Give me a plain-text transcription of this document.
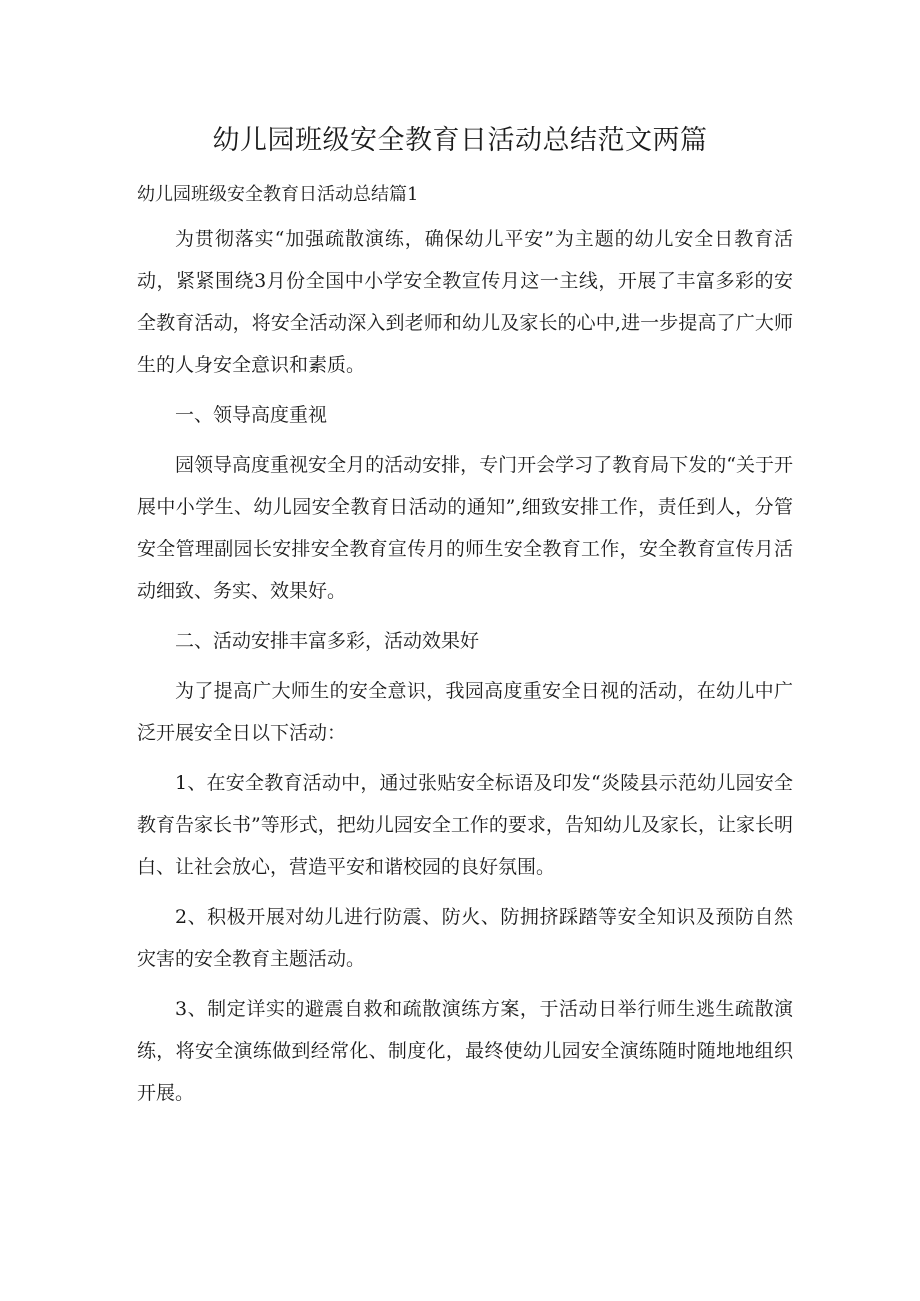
幼儿园班级安全教育日活动总结范文两篇
幼儿园班级安全教育日活动总结篇1

为贯彻落实“加强疏散演练，确保幼儿平安”为主题的幼儿安全日教育活动，紧紧围绕3月份全国中小学安全教宣传月这一主线，开展了丰富多彩的安全教育活动，将安全活动深入到老师和幼儿及家长的心中,进一步提高了广大师生的人身安全意识和素质。

一、领导高度重视

园领导高度重视安全月的活动安排，专门开会学习了教育局下发的“关于开展中小学生、幼儿园安全教育日活动的通知”,细致安排工作，责任到人，分管安全管理副园长安排安全教育宣传月的师生安全教育工作，安全教育宣传月活动细致、务实、效果好。

二、活动安排丰富多彩，活动效果好

为了提高广大师生的安全意识，我园高度重安全日视的活动，在幼儿中广泛开展安全日以下活动：

1、在安全教育活动中，通过张贴安全标语及印发“炎陵县示范幼儿园安全教育告家长书”等形式，把幼儿园安全工作的要求，告知幼儿及家长，让家长明白、让社会放心，营造平安和谐校园的良好氛围。

2、积极开展对幼儿进行防震、防火、防拥挤踩踏等安全知识及预防自然灾害的安全教育主题活动。

3、制定详实的避震自救和疏散演练方案，于活动日举行师生逃生疏散演练，将安全演练做到经常化、制度化，最终使幼儿园安全演练随时随地地组织开展。
